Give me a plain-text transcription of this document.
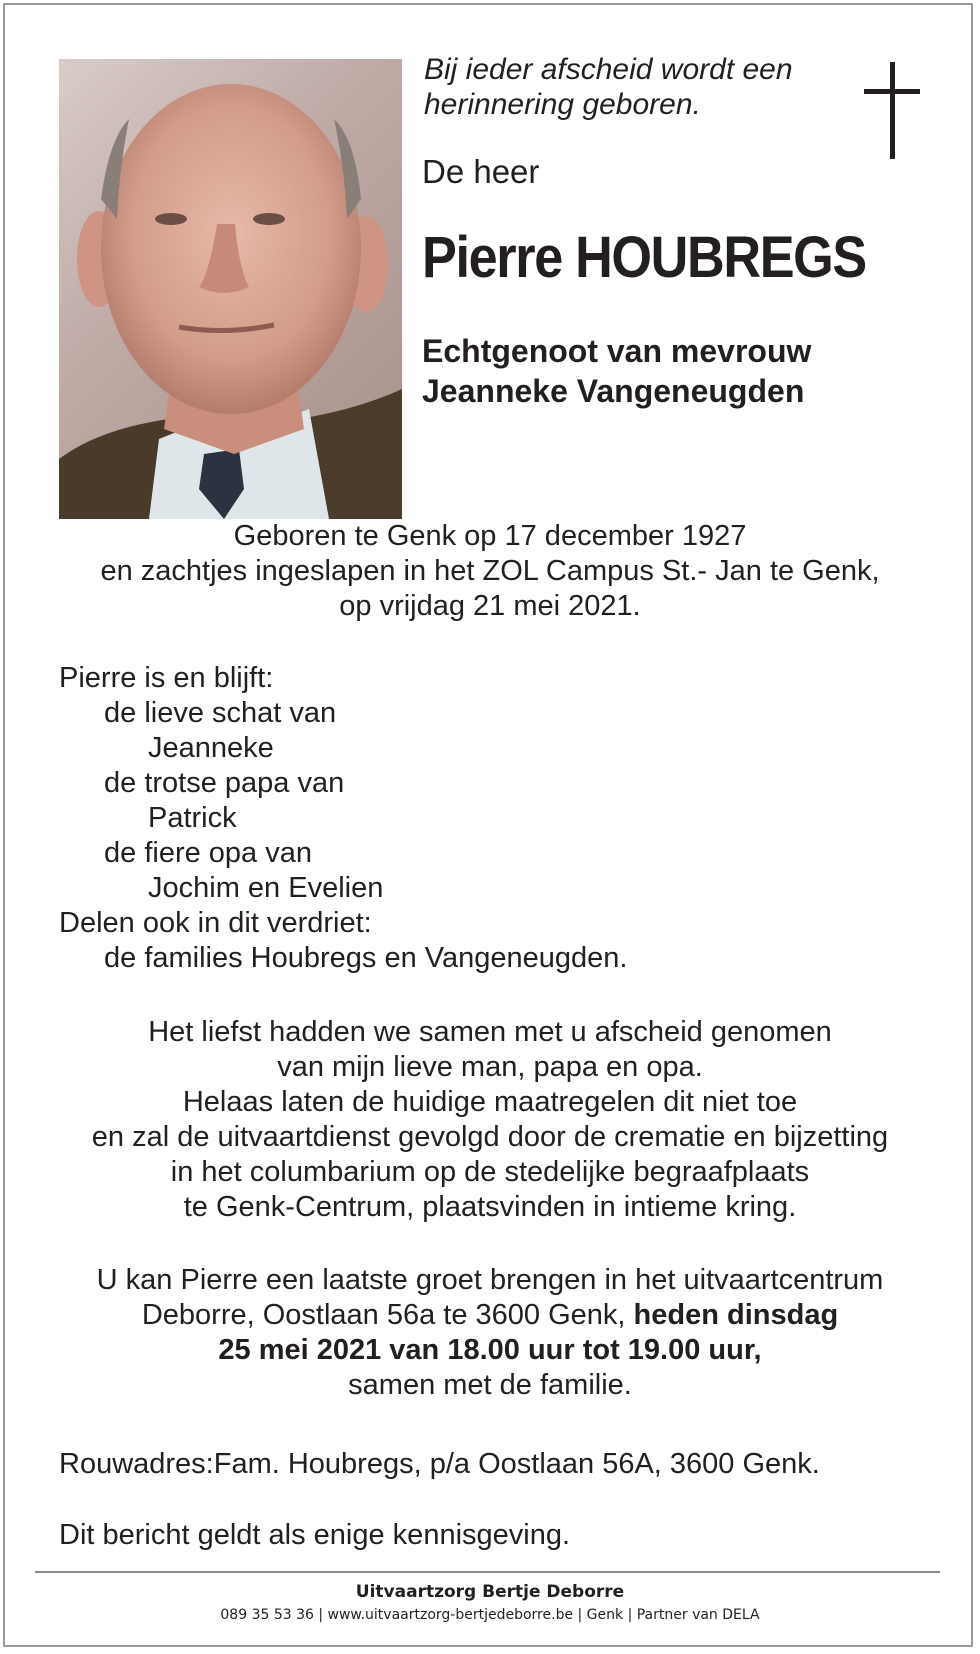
Bij ieder afscheid wordt een
herinnering geboren.
De heer
Pierre HOUBREGS
Echtgenoot van mevrouw
Jeanneke Vangeneugden
Geboren te Genk op 17 december 1927
en zachtjes ingeslapen in het ZOL Campus St.- Jan te Genk,
op vrijdag 21 mei 2021.
Pierre is en blijft:
de lieve schat van
Jeanneke
de trotse papa van
Patrick
de fiere opa van
Jochim en Evelien
Delen ook in dit verdriet:
de families Houbregs en Vangeneugden.
Het liefst hadden we samen met u afscheid genomen
van mijn lieve man, papa en opa.
Helaas laten de huidige maatregelen dit niet toe
en zal de uitvaartdienst gevolgd door de crematie en bijzetting
in het columbarium op de stedelijke begraafplaats
te Genk-Centrum, plaatsvinden in intieme kring.
U kan Pierre een laatste groet brengen in het uitvaartcentrum
Deborre, Oostlaan 56a te 3600 Genk, heden dinsdag
25 mei 2021 van 18.00 uur tot 19.00 uur,
samen met de familie.
Rouwadres:Fam. Houbregs, p/a Oostlaan 56A, 3600 Genk.
Dit bericht geldt als enige kennisgeving.
Uitvaartzorg Bertje Deborre
089 35 53 36 | www.uitvaartzorg-bertjedeborre.be | Genk | Partner van DELA
